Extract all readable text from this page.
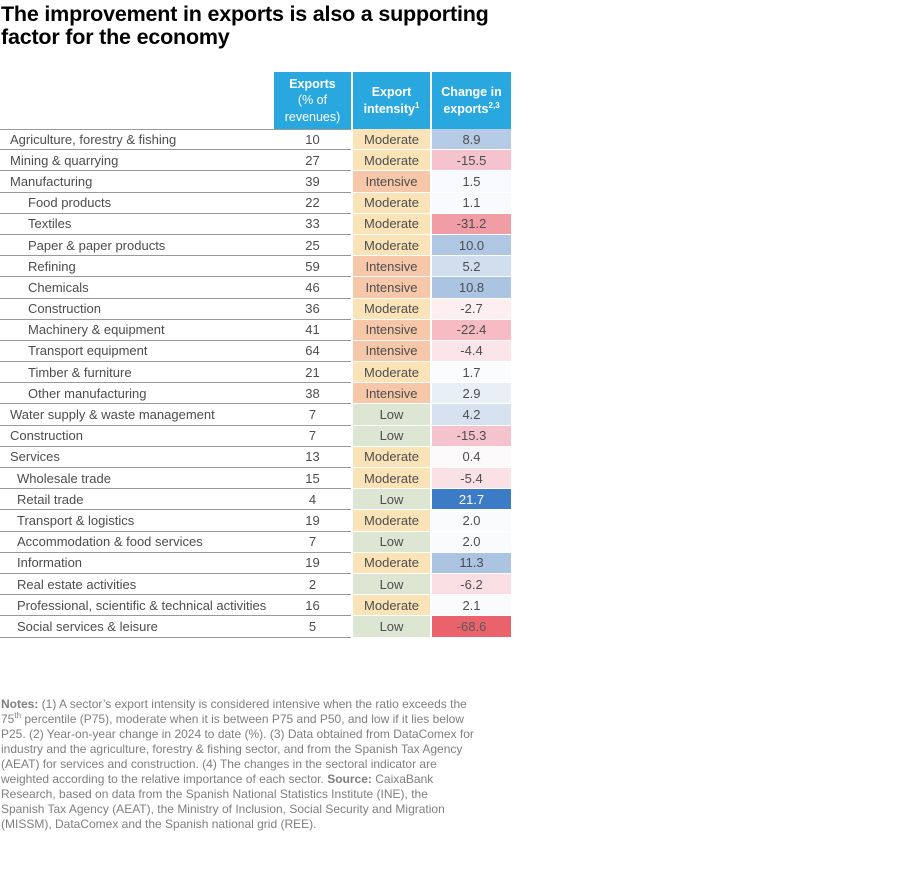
The improvement in exports is also a supporting factor for the economy
Exports
(% of revenues)
Export intensity$^1$
Change in exports$^{2,3}$
Agriculture, forestry & fishing	10	Moderate	8.9
Mining & quarrying	27	Moderate	-15.5
Manufacturing	39	Intensive	1.5
Food products	22	Moderate	1.1
Textiles	33	Moderate	-31.2
Paper & paper products	25	Moderate	10.0
Refining	59	Intensive	5.2
Chemicals	46	Intensive	10.8
Construction	36	Moderate	-2.7
Machinery & equipment	41	Intensive	-22.4
Transport equipment	64	Intensive	-4.4
Timber & furniture	21	Moderate	1.7
Other manufacturing	38	Intensive	2.9
Water supply & waste management	7	Low	4.2
Construction	7	Low	-15.3
Services	13	Moderate	0.4
Wholesale trade	15	Moderate	-5.4
Retail trade	4	Low	21.7
Transport & logistics	19	Moderate	2.0
Accommodation & food services	7	Low	2.0
Information	19	Moderate	11.3
Real estate activities	2	Low	-6.2
Professional, scientific & technical activities	16	Moderate	2.1
Social services & leisure	5	Low	-68.6
Notes: (1) A sector’s export intensity is considered intensive when the ratio exceeds the 75th percentile (P75), moderate when it is between P75 and P50, and low if it lies below P25. (2) Year-on-year change in 2024 to date (%). (3) Data obtained from DataComex for industry and the agriculture, forestry & fishing sector, and from the Spanish Tax Agency (AEAT) for services and construction. (4) The changes in the sectoral indicator are weighted according to the relative importance of each sector. Source: CaixaBank Research, based on data from the Spanish National Statistics Institute (INE), the Spanish Tax Agency (AEAT), the Ministry of Inclusion, Social Security and Migration (MISSM), DataComex and the Spanish national grid (REE).
